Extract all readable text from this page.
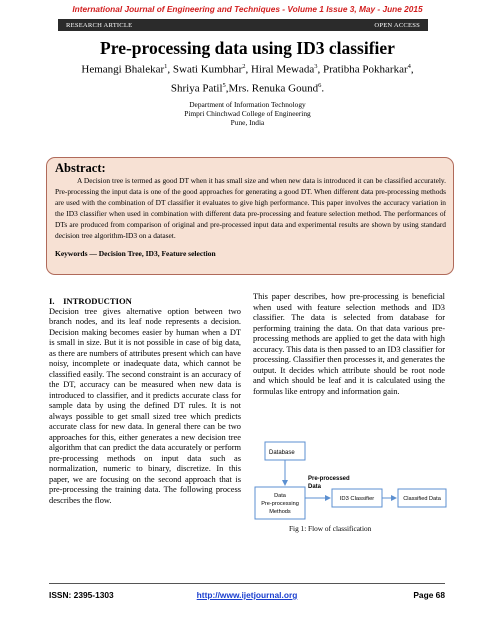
International Journal of Engineering and Techniques - Volume 1 Issue 3, May - June 2015
RESEARCH ARTICLE	OPEN ACCESS
Pre-processing data using ID3 classifier
Hemangi Bhalekar$^1$, Swati Kumbhar$^2$, Hiral Mewada$^3$, Pratibha Pokharkar$^4$,
Shriya Patil$^5$,Mrs. Renuka Gound$^6$.
Department of Information Technology
Pimpri Chinchwad College of Engineering
Pune, India

Abstract:

A Decision tree is termed as good DT when it has small size and when new data is introduced it can be classified accurately. Pre-processing the input data is one of the good approaches for generating a good DT. When different data pre-processing methods are used with the combination of DT classifier it evaluates to give high performance. This paper involves the accuracy variation in the ID3 classifier when used in combination with different data pre-processing and feature selection method. The performances of DTs are produced from comparison of original and pre-processed input data and experimental results are shown by using standard decision tree algorithm-ID3 on a dataset.

Keywords — Decision Tree, ID3, Feature selection

I.    INTRODUCTION

Decision tree gives alternative option between two branch nodes, and its leaf node represents a decision. Decision making becomes easier by human when a DT is small in size. But it is not possible in case of big data, as there are numbers of attributes present which can have noisy, incomplete or inadequate data, which cannot be classified easily. The second constraint is an accuracy of the DT, accuracy can be measured when new data is introduced to classifier, and it predicts accurate class for sample data by using the defined DT rules. It is not always possible to get small sized tree which predicts accurate class for new data. In general there can be two approaches for this, either generates a new decision tree algorithm that can predict the data accurately or perform pre-processing methods on input data such as normalization, numeric to binary, discretize. In this paper, we are focusing on the second approach that is pre-processing the training data. The following process describes the flow.

This paper describes, how pre-processing is beneficial when used with feature selection methods and ID3 classifier. The data is selected from database for performing training the data. On that data various pre-processing methods are applied to get the data with high accuracy. This data is then passed to an ID3 classifier for processing. Classifier then processes it, and generates the output. It decides which attribute should be root node and which should be leaf and it is calculated using the formulas like entropy and information gain.

Database
Data
Pre-processing
Methods
Pre-processed
Data
ID3 Classifier	Classified Data
Fig 1: Flow of classification
ISSN: 2395-1303	http://www.ijetjournal.org	Page 68
